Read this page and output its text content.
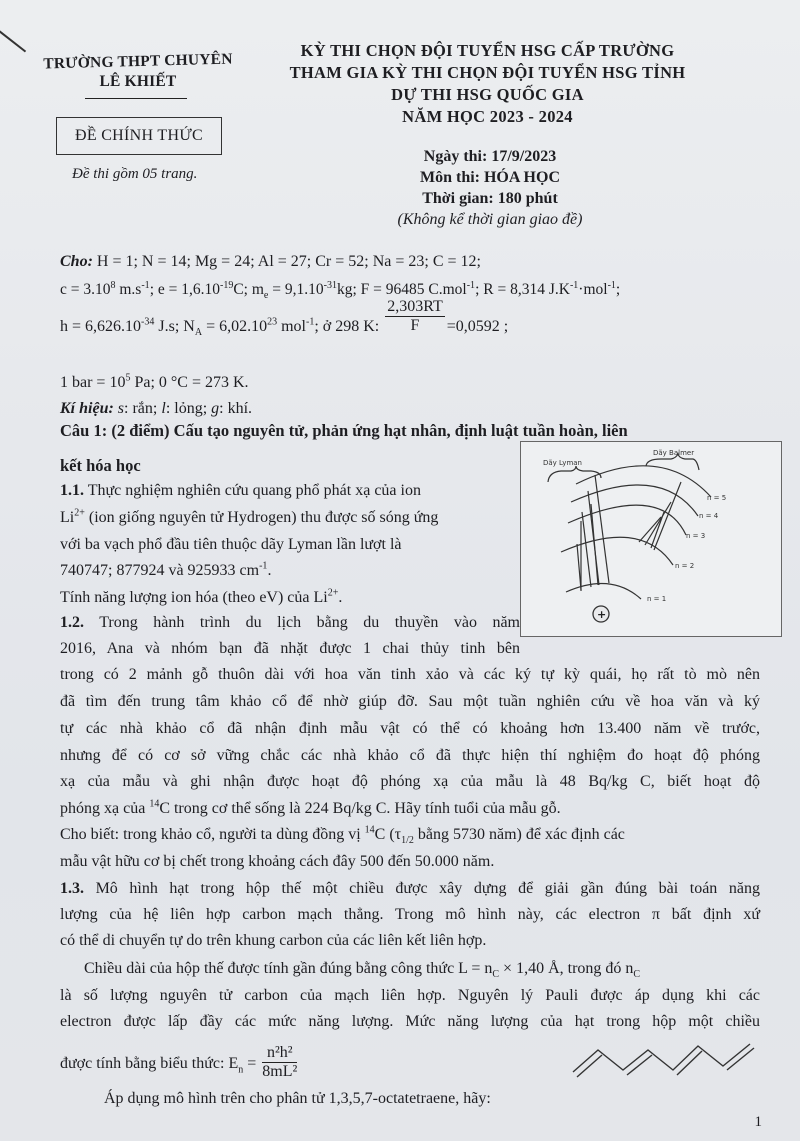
TRƯỜNG THPT CHUYÊN
LÊ KHIẾT
ĐỀ CHÍNH THỨC
Đề thi gồm 05 trang.
KỲ THI CHỌN ĐỘI TUYỂN HSG CẤP TRƯỜNG
THAM GIA KỲ THI CHỌN ĐỘI TUYỂN HSG TỈNH
DỰ THI HSG QUỐC GIA
NĂM HỌC 2023 - 2024
Ngày thi: 17/9/2023
Môn thi: HÓA HỌC
Thời gian: 180 phút
(Không kể thời gian giao đề)
Cho: H = 1; N = 14; Mg = 24; Al = 27; Cr = 52; Na = 23; C = 12;
$c = 3.10^8$ $m.s^{-1}$; $e = 1,6.10^{-19}C$; $m_e = 9,1.10^{-31}kg$; F = 96485 C.mol$^{-1}$; R = 8,314 $J.K^{-1}\cdot mol^{-1}$;
$h = 6,626.10^{-34}$ J.s; $N_A = 6,02.10^{23}$ mol$^{-1}$; ở 298 K: $\frac{2,303RT}{F} =0,0592$ ;
1 bar = $10^5$ Pa; 0 °C = 273 K.
Kí hiệu: s: rắn; l: lỏng; g: khí.
Câu 1: (2 điểm) Cấu tạo nguyên tử, phản ứng hạt nhân, định luật tuần hoàn, liên
kết hóa học
1.1. Thực nghiệm nghiên cứu quang phổ phát xạ của ion
$Li^{2+}$ (ion giống nguyên tử Hydrogen) thu được số sóng ứng
với ba vạch phổ đầu tiên thuộc dãy Lyman lần lượt là
740747; 877924 và 925933 $cm^{-1}$.
Tính năng lượng ion hóa (theo eV) của $Li^{2+}$.
1.2. Trong hành trình du lịch bằng du thuyền vào năm
2016, Ana và nhóm bạn đã nhặt được 1 chai thủy tinh bên
trong có 2 mảnh gỗ thuôn dài với hoa văn tinh xảo và các ký tự kỳ quái, họ rất tò mò nên
đã tìm đến trung tâm khảo cổ để nhờ giúp đỡ. Sau một tuần nghiên cứu về hoa văn và ký
tự các nhà khảo cổ đã nhận định mẫu vật có thể có khoảng hơn 13.400 năm về trước,
nhưng để có cơ sở vững chắc các nhà khảo cổ đã thực hiện thí nghiệm đo hoạt độ phóng
xạ của mẫu và ghi nhận được hoạt độ phóng xạ của mẫu là 48 Bq/kg C, biết hoạt độ
phóng xạ của $^{14}$C trong cơ thể sống là 224 Bq/kg C. Hãy tính tuổi của mẫu gỗ.
Cho biết: trong khảo cổ, người ta dùng đồng vị $^{14}$C ($\tau_{1/2}$ bằng 5730 năm) để xác định các
mẫu vật hữu cơ bị chết trong khoảng cách đây 500 đến 50.000 năm.
1.3. Mô hình hạt trong hộp thế một chiều được xây dựng để giải gần đúng bài toán năng
lượng của hệ liên hợp carbon mạch thẳng. Trong mô hình này, các electron π bất định xứ
có thể di chuyển tự do trên khung carbon của các liên kết liên hợp.
Chiều dài của hộp thế được tính gần đúng bằng công thức $L = n_C \times 1,40$ Å, trong đó $n_C$
là số lượng nguyên tử carbon của mạch liên hợp. Nguyên lý Pauli được áp dụng khi các
electron được lấp đầy các mức năng lượng. Mức năng lượng của hạt trong hộp một chiều
được tính bằng biểu thức: $E_n = \frac{\text{n²h²}}{\text{8mL²}}$
Áp dụng mô hình trên cho phân tử 1,3,5,7-octatetraene, hãy:
Dãy Lyman
Dãy Balmer
n = 5
n = 4
n = 3
n = 2
n = 1
+
1
